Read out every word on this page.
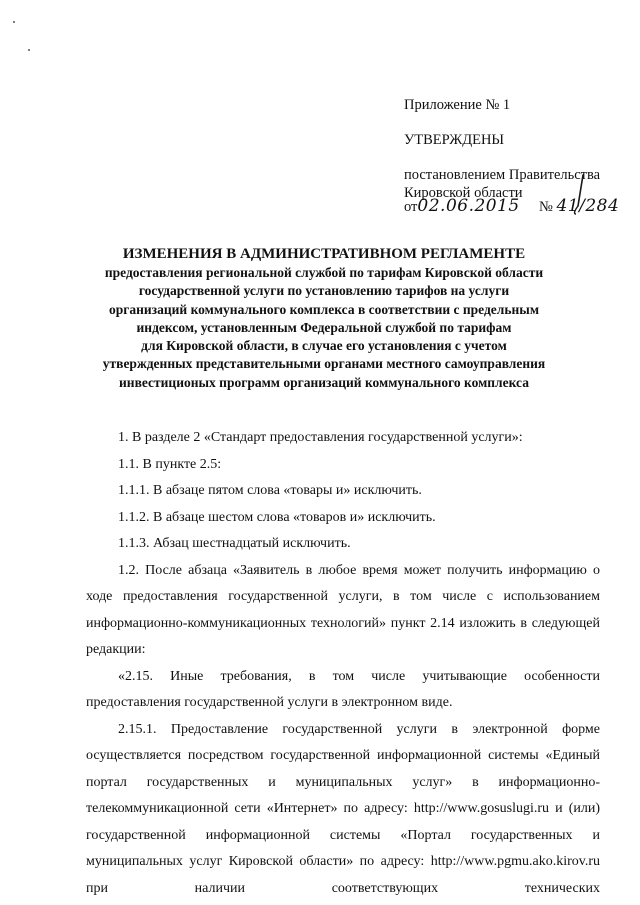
Приложение № 1
УТВЕРЖДЕНЫ
постановлением Правительства
Кировской области
от02.06.2015 № 41/284

ИЗМЕНЕНИЯ В АДМИНИСТРАТИВНОМ РЕГЛАМЕНТЕ

предоставления региональной службой по тарифам Кировской области

государственной услуги по установлению тарифов на услуги

организаций коммунального комплекса в соответствии с предельным

индексом, установленным Федеральной службой по тарифам

для Кировской области, в случае его установления с учетом

утвержденных представительными органами местного самоуправления

инвестиционых программ организаций коммунального комплекса

1. В разделе 2 «Стандарт предоставления государственной услуги»:

1.1. В пункте 2.5:

1.1.1. В абзаце пятом слова «товары и» исключить.

1.1.2. В абзаце шестом слова «товаров и» исключить.

1.1.3. Абзац шестнадцатый исключить.

1.2. После абзаца «Заявитель в любое время может получить информацию о ходе предоставления государственной услуги, в том числе с использованием информационно-коммуникационных технологий» пункт 2.14 изложить в следующей редакции:

«2.15. Иные требования, в том числе учитывающие особенности предоставления государственной услуги в электронном виде.

2.15.1. Предоставление государственной услуги в электронной форме осуществляется посредством государственной информационной системы «Единый портал государственных и муниципальных услуг» в информационно-телекоммуникационной сети «Интернет» по адресу: http://www.gosuslugi.ru и (или) государственной информационной системы «Портал государственных и муниципальных услуг Кировской области» по адресу: http://www.pgmu.ako.kirov.ru при наличии соответствующих технических
